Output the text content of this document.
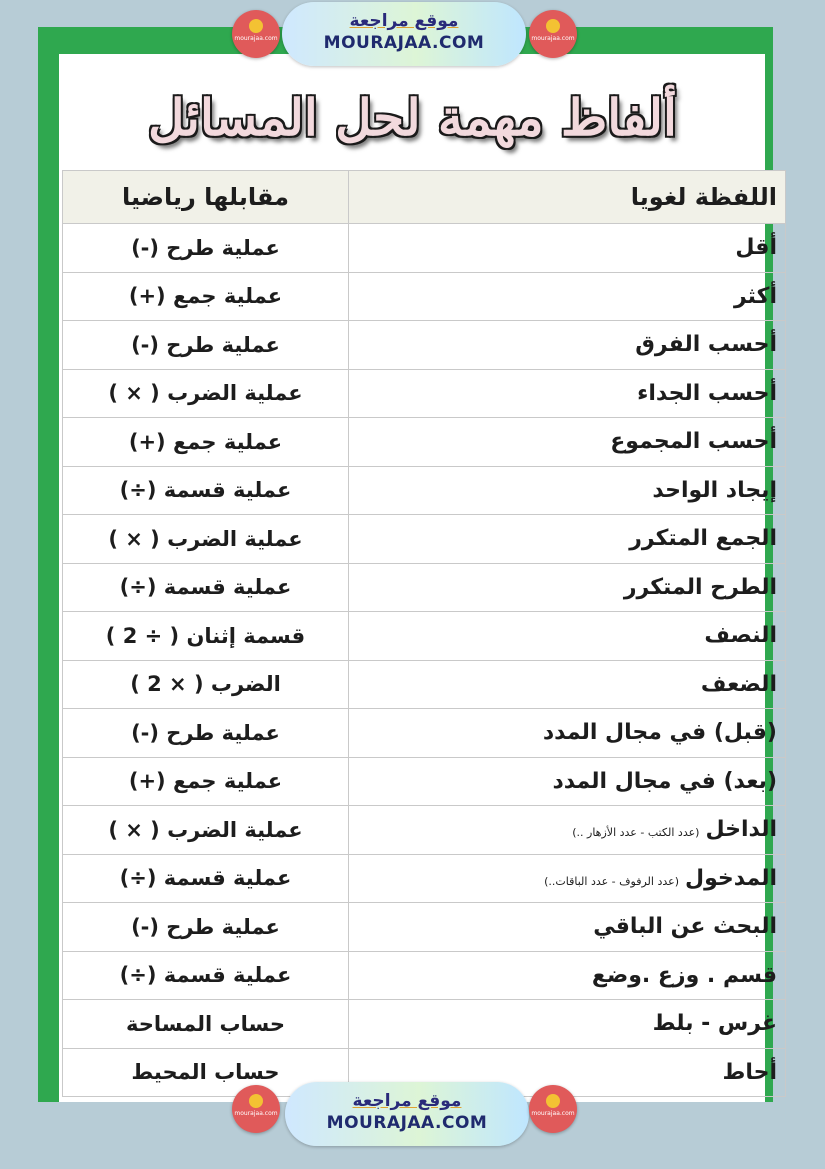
ألفاظ مهمة لحل المسائل
مقابلها رياضيا	اللفظة لغويا
عملية طرح (-)	أقل
عملية جمع (+)	أكثر
عملية طرح (-)	أحسب الفرق
عملية الضرب ( × )	أحسب الجداء
عملية جمع (+)	أحسب المجموع
عملية قسمة (÷)	إيجاد الواحد
عملية الضرب ( × )	الجمع المتكرر
عملية قسمة (÷)	الطرح المتكرر
قسمة إثنان ( ÷ 2 )	النصف
الضرب ( × 2 )	الضعف
عملية طرح (-)	(قبل) في مجال المدد
عملية جمع (+)	(بعد) في مجال المدد
عملية الضرب ( × )	الداخل(عدد الكتب - عدد الأزهار ..)
عملية قسمة (÷)	المدخول(عدد الرفوف - عدد الباقات..)
عملية طرح (-)	البحث عن الباقي
عملية قسمة (÷)	قسم . وزع .وضع
حساب المساحة	غرس - بلط
حساب المحيط	أحاط
mourajaa.com
موقع مراجعة
MOURAJAA.COM	mourajaa.com
mourajaa.com
موقع مراجعة
MOURAJAA.COM	mourajaa.com
